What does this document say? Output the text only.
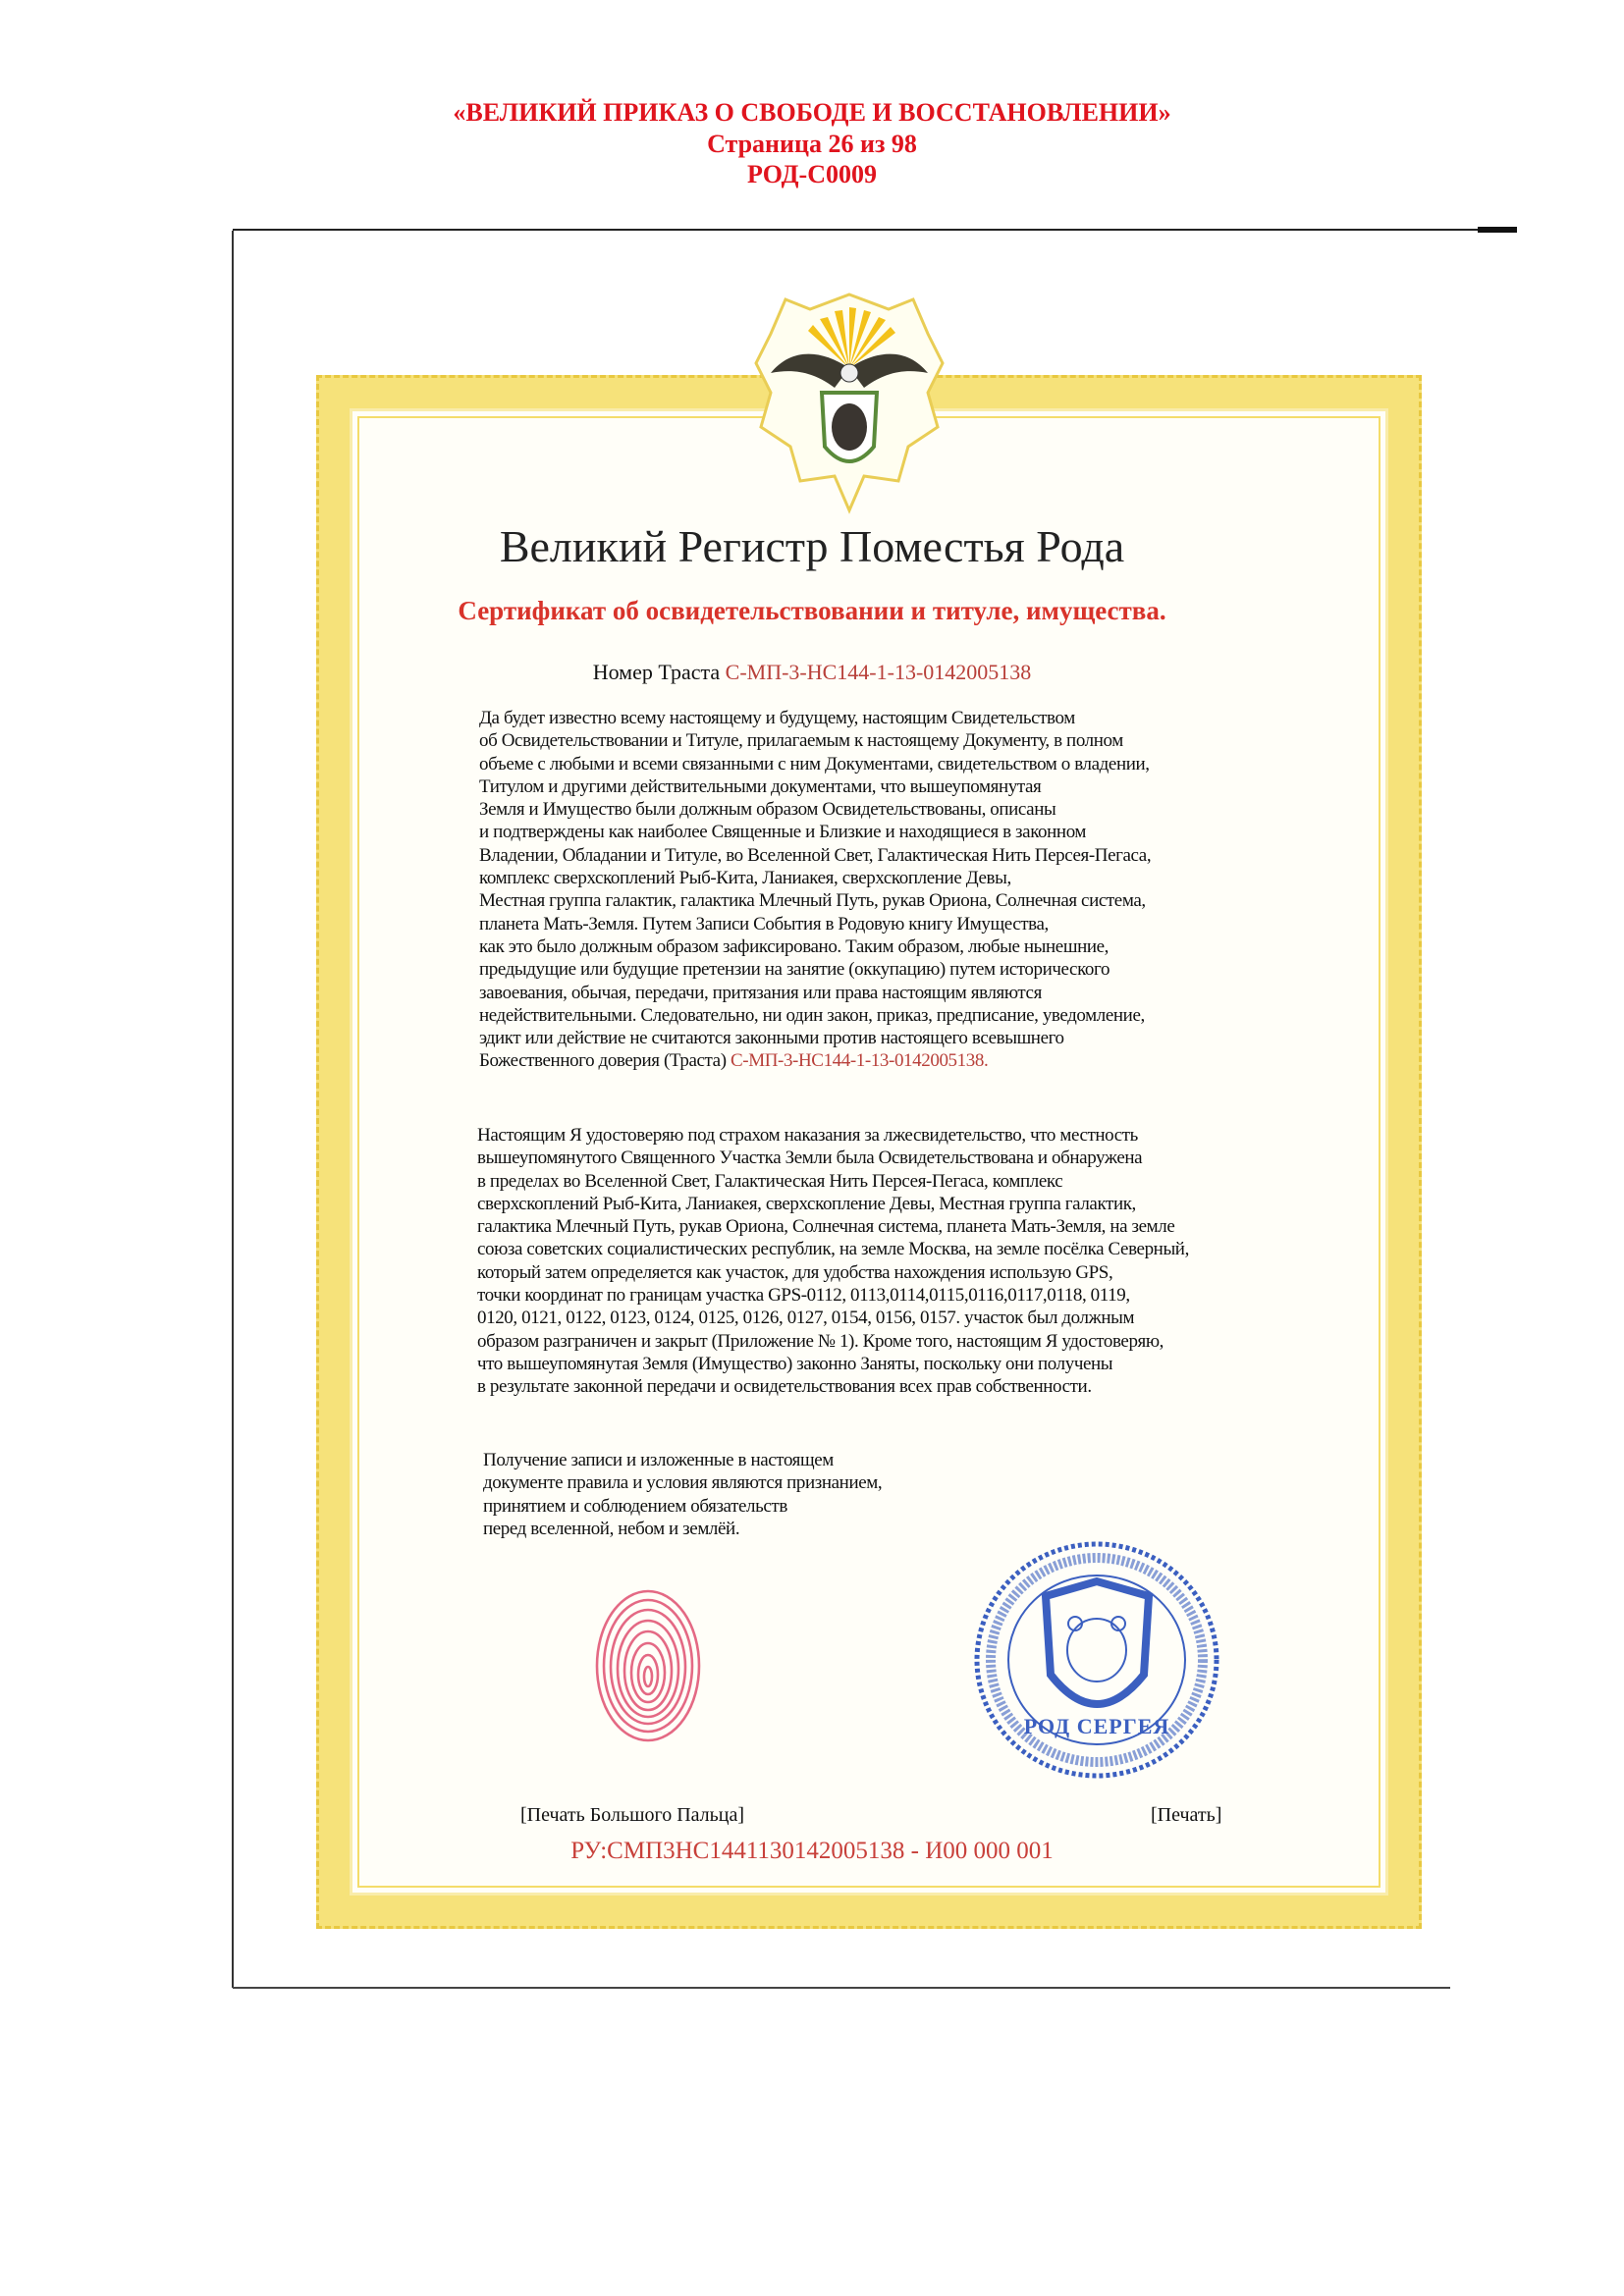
«ВЕЛИКИЙ ПРИКАЗ О СВОБОДЕ И ВОССТАНОВЛЕНИИ»
Страница 26 из 98
РОД-С0009
Великий Регистр Поместья Рода
Сертификат об освидетельствовании и титуле, имущества.
Номер Траста С-МП-3-НС144-1-13-0142005138
Да будет известно всему настоящему и будущему, настоящим Свидетельством
об Освидетельствовании и Титуле, прилагаемым к настоящему Документу, в полном
объеме с любыми и всеми связанными с ним Документами, свидетельством о владении,
Титулом и другими действительными документами, что вышеупомянутая
Земля и Имущество были должным образом Освидетельствованы, описаны
и подтверждены как наиболее Священные и Близкие и находящиеся в законном
Владении, Обладании и Титуле, во Вселенной Свет, Галактическая Нить Персея-Пегаса,
комплекс сверхскоплений Рыб-Кита, Ланиакея, сверхскопление Девы,
Местная группа галактик, галактика Млечный Путь, рукав Ориона, Солнечная система,
планета Мать-Земля. Путем Записи События в Родовую книгу Имущества,
как это было должным образом зафиксировано. Таким образом, любые нынешние,
предыдущие или будущие претензии на занятие (оккупацию) путем исторического
завоевания, обычая, передачи, притязания или права настоящим являются
недействительными. Следовательно, ни один закон, приказ, предписание, уведомление,
эдикт или действие не считаются законными против настоящего всевышнего
Божественного доверия (Траста) С-МП-3-НС144-1-13-0142005138.
Настоящим Я удостоверяю под страхом наказания за лжесвидетельство, что местность
вышеупомянутого Священного Участка Земли была Освидетельствована и обнаружена
в пределах во Вселенной Свет, Галактическая Нить Персея-Пегаса, комплекс
сверхскоплений Рыб-Кита, Ланиакея, сверхскопление Девы, Местная группа галактик,
галактика Млечный Путь, рукав Ориона, Солнечная система, планета Мать-Земля, на земле
союза советских социалистических республик, на земле Москва, на земле посёлка Северный,
который затем определяется как участок, для удобства нахождения использую GPS,
точки координат по границам участка GPS-0112, 0113,0114,0115,0116,0117,0118, 0119,
0120, 0121, 0122, 0123, 0124, 0125, 0126, 0127, 0154, 0156, 0157. участок был должным
образом разграничен и закрыт (Приложение № 1). Кроме того, настоящим Я удостоверяю,
что вышеупомянутая Земля (Имущество) законно Заняты, поскольку они получены
в результате законной передачи и освидетельствования всех прав собственности.
Получение записи и изложенные в настоящем
документе правила и условия являются признанием,
принятием и соблюдением обязательств
перед вселенной, небом и землёй.
РОД СЕРГЕЯ
[Печать Большого Пальца]	[Печать]
РУ:СМП3НС1441130142005138 - И00 000 001
